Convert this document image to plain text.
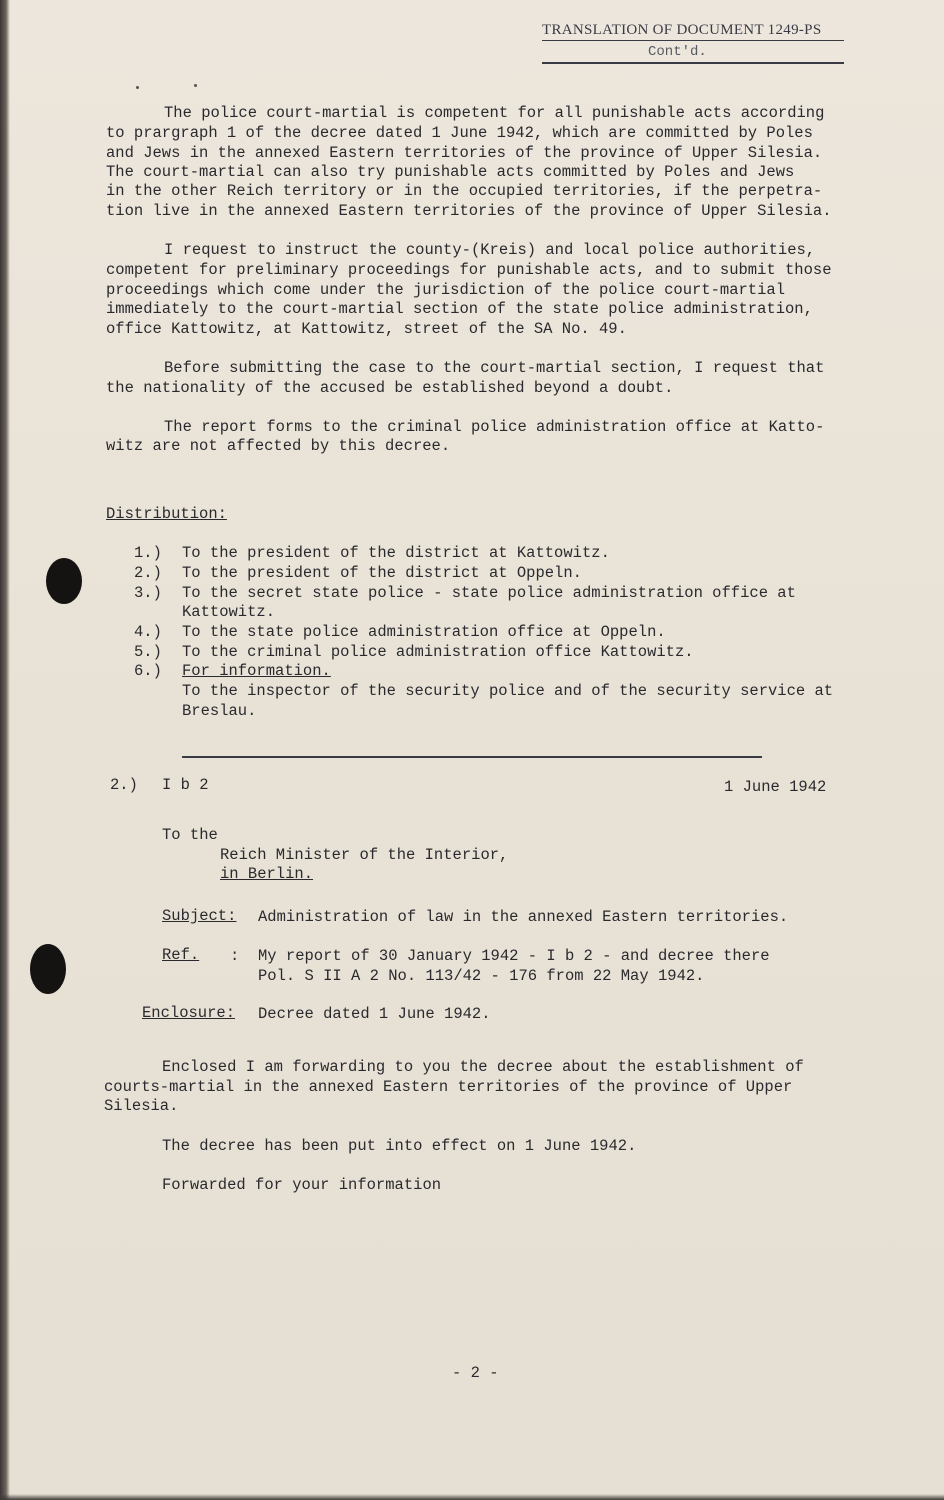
TRANSLATION OF DOCUMENT 1249-PS
Cont'd.
The police court-martial is competent for all punishable acts according
to prargraph 1 of the decree dated 1 June 1942, which are committed by Poles
and Jews in the annexed Eastern territories of the province of Upper Silesia.
The court-martial can also try punishable acts committed by Poles and Jews
in the other Reich territory or in the occupied territories, if the perpetra-
tion live in the annexed Eastern territories of the province of Upper Silesia.
I request to instruct the county-(Kreis) and local police authorities,
competent for preliminary proceedings for punishable acts, and to submit those
proceedings which come under the jurisdiction of the police court-martial
immediately to the court-martial section of the state police administration,
office Kattowitz, at Kattowitz, street of the SA No. 49.
Before submitting the case to the court-martial section, I request that
the nationality of the accused be established beyond a doubt.
The report forms to the criminal police administration office at Katto-
witz are not affected by this decree.
Distribution:
1.) To the president of the district at Kattowitz.
2.) To the president of the district at Oppeln.
3.) To the secret state police - state police administration office at
Kattowitz.
4.) To the state police administration office at Oppeln.
5.) To the criminal police administration office Kattowitz.
6.) For information.
To the inspector of the security police and of the security service at
Breslau.
2.) I b 2	1 June 1942
To the
Reich Minister of the Interior,
in Berlin.
Subject: Administration of law in the annexed Eastern territories.
Ref. : My report of 30 January 1942 - I b 2 - and decree there
Pol. S II A 2 No. 113/42 - 176 from 22 May 1942.
Enclosure: Decree dated 1 June 1942.
Enclosed I am forwarding to you the decree about the establishment of
courts-martial in the annexed Eastern territories of the province of Upper
Silesia.
The decree has been put into effect on 1 June 1942.
Forwarded for your information
- 2 -
